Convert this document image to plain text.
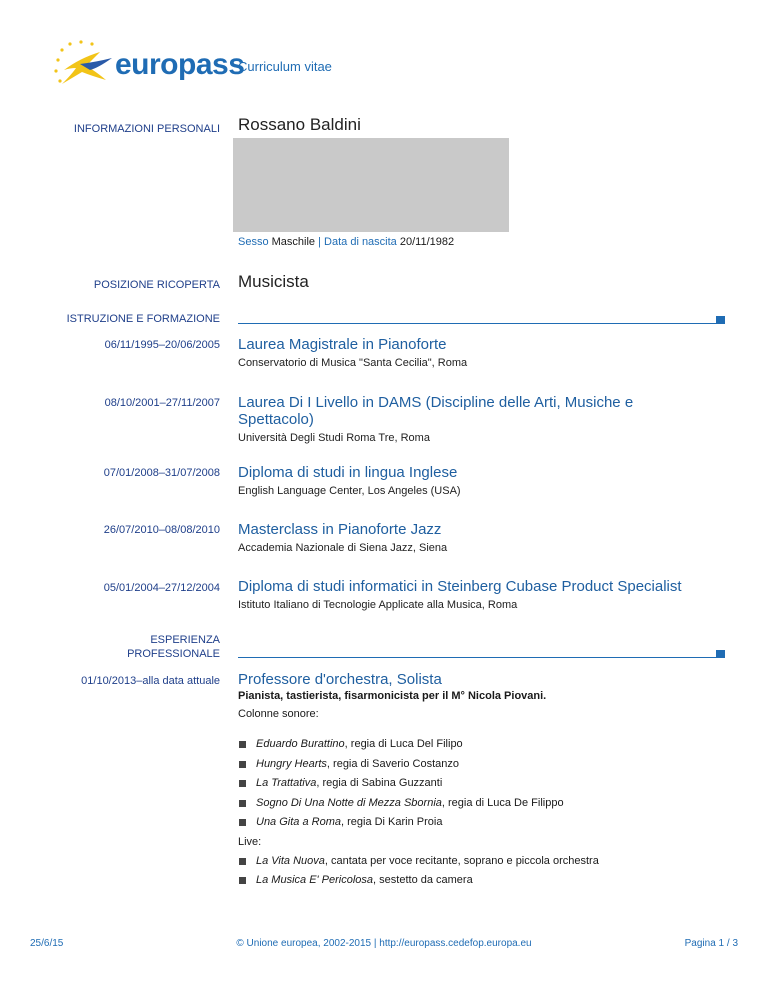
europass
Curriculum vitae
INFORMAZIONI PERSONALI Rossano Baldini
Sesso Maschile | Data di nascita 20/11/1982
POSIZIONE RICOPERTA Musicista
ISTRUZIONE E FORMAZIONE
06/11/1995–20/06/2005 Laurea Magistrale in Pianoforte
Conservatorio di Musica "Santa Cecilia", Roma
08/10/2001–27/11/2007 Laurea Di I Livello in DAMS (Discipline delle Arti, Musiche e Spettacolo)
Università Degli Studi Roma Tre, Roma
07/01/2008–31/07/2008 Diploma di studi in lingua Inglese
English Language Center, Los Angeles (USA)
26/07/2010–08/08/2010 Masterclass in Pianoforte Jazz
Accademia Nazionale di Siena Jazz, Siena
05/01/2004–27/12/2004 Diploma di studi informatici in Steinberg Cubase Product Specialist
Istituto Italiano di Tecnologie Applicate alla Musica, Roma
ESPERIENZA
PROFESSIONALE
01/10/2013–alla data attuale Professore d'orchestra, Solista
Pianista, tastierista, fisarmonicista per il M° Nicola Piovani.
Colonne sonore:
Eduardo Burattino, regia di Luca Del Filipo
Hungry Hearts, regia di Saverio Costanzo
La Trattativa, regia di Sabina Guzzanti
Sogno Di Una Notte di Mezza Sbornia, regia di Luca De Filippo
Una Gita a Roma, regia Di Karin Proia
Live:
La Vita Nuova, cantata per voce recitante, soprano e piccola orchestra
La Musica E' Pericolosa, sestetto da camera
25/6/15	© Unione europea, 2002-2015 | http://europass.cedefop.europa.eu	Pagina 1 / 3
